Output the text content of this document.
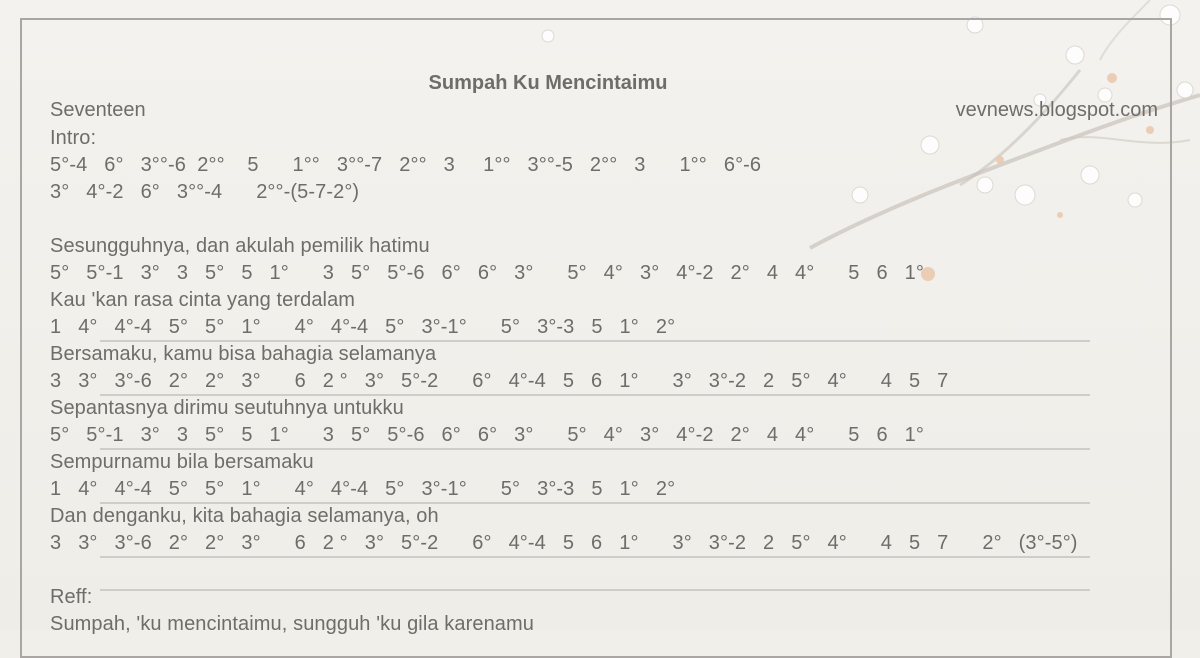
Sumpah Ku Mencintaimu
Seventeen	vevnews.blogspot.com
Intro:
5°-4   6°   3°°-6  2°°    5      1°°   3°°-7   2°°   3     1°°   3°°-5   2°°   3      1°°   6°-6
3°   4°-2   6°   3°°-4      2°°-(5-7-2°)
Sesungguhnya, dan akulah pemilik hatimu
5°   5°-1   3°   3   5°   5   1°      3   5°   5°-6   6°   6°   3°      5°   4°   3°   4°-2   2°   4   4°      5   6   1°
Kau 'kan rasa cinta yang terdalam
1   4°   4°-4   5°   5°   1°      4°   4°-4   5°   3°-1°      5°   3°-3   5   1°   2°
Bersamaku, kamu bisa bahagia selamanya
3   3°   3°-6   2°   2°   3°      6   2 °   3°   5°-2      6°   4°-4   5   6   1°      3°   3°-2   2   5°   4°      4   5   7
Sepantasnya dirimu seutuhnya untukku
5°   5°-1   3°   3   5°   5   1°      3   5°   5°-6   6°   6°   3°      5°   4°   3°   4°-2   2°   4   4°      5   6   1°
Sempurnamu bila bersamaku
1   4°   4°-4   5°   5°   1°      4°   4°-4   5°   3°-1°      5°   3°-3   5   1°   2°
Dan denganku, kita bahagia selamanya, oh
3   3°   3°-6   2°   2°   3°      6   2 °   3°   5°-2      6°   4°-4   5   6   1°      3°   3°-2   2   5°   4°      4   5   7      2°   (3°-5°)
Reff:
Sumpah, 'ku mencintaimu, sungguh 'ku gila karenamu
